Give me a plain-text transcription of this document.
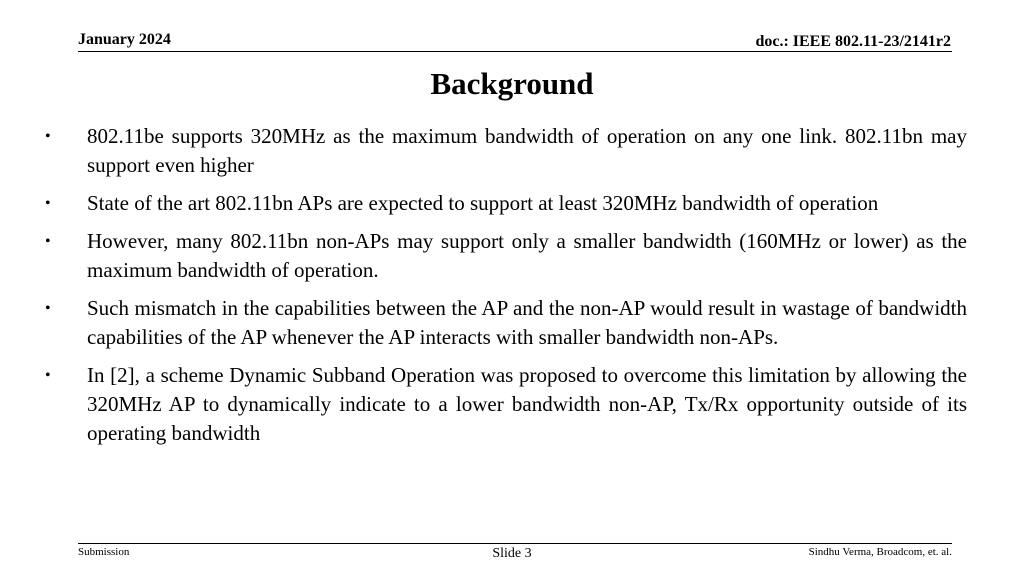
January 2024	doc.: IEEE 802.11-23/2141r2
Background
• 802.11be supports 320MHz as the maximum bandwidth of operation on any one link. 802.11bn may support even higher
• State of the art 802.11bn APs are expected to support at least 320MHz bandwidth of operation
• However, many 802.11bn non-APs may support only a smaller bandwidth (160MHz or lower) as the maximum bandwidth of operation.
• Such mismatch in the capabilities between the AP and the non-AP would result in wastage of bandwidth capabilities of the AP whenever the AP interacts with smaller bandwidth non-APs.
• In [2], a scheme Dynamic Subband Operation was proposed to overcome this limitation by allowing the 320MHz AP to dynamically indicate to a lower bandwidth non-AP, Tx/Rx opportunity outside of its operating bandwidth
Submission	Slide 3	Sindhu Verma, Broadcom, et. al.
